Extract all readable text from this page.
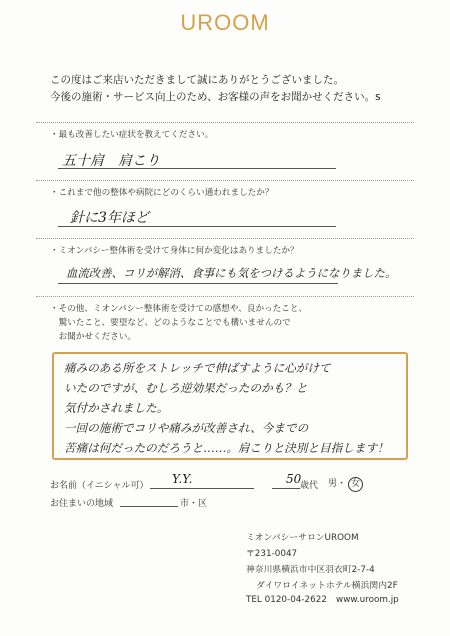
UROOM
この度はご来店いただきまして誠にありがとうございました。
今後の施術・サービス向上のため、お客様の声をお聞かせください。s
・最も改善したい症状を教えてください。
五十肩　肩こり
・これまで他の整体や病院にどのくらい通われましたか？
針に3年ほど
・ミオンパシー整体術を受けて身体に何か変化はありましたか？
血流改善、コリが解消、食事にも気をつけるようになりました。
・その他、ミオンパシー整体術を受けての感想や、良かったこと、
　驚いたこと、要望など、どのようなことでも構いませんので
　お聞かせください。
痛みのある所をストレッチで伸ばすように心がけて
いたのですが、むしろ逆効果だったのかも？と
気付かされました。
一回の施術でコリや痛みが改善され、今までの
苦痛は何だったのだろうと……。肩こりと決別と目指します！
お名前（イニシャル可） Y.Y.	50
歳代 男・ 女
お住まいの地域	市・区
ミオンパシーサロンUROOM
〒231-0047
神奈川県横浜市中区羽衣町2-7-4
ダイワロイネットホテル横浜関内2F
TEL 0120-04-2622 www.uroom.jp
